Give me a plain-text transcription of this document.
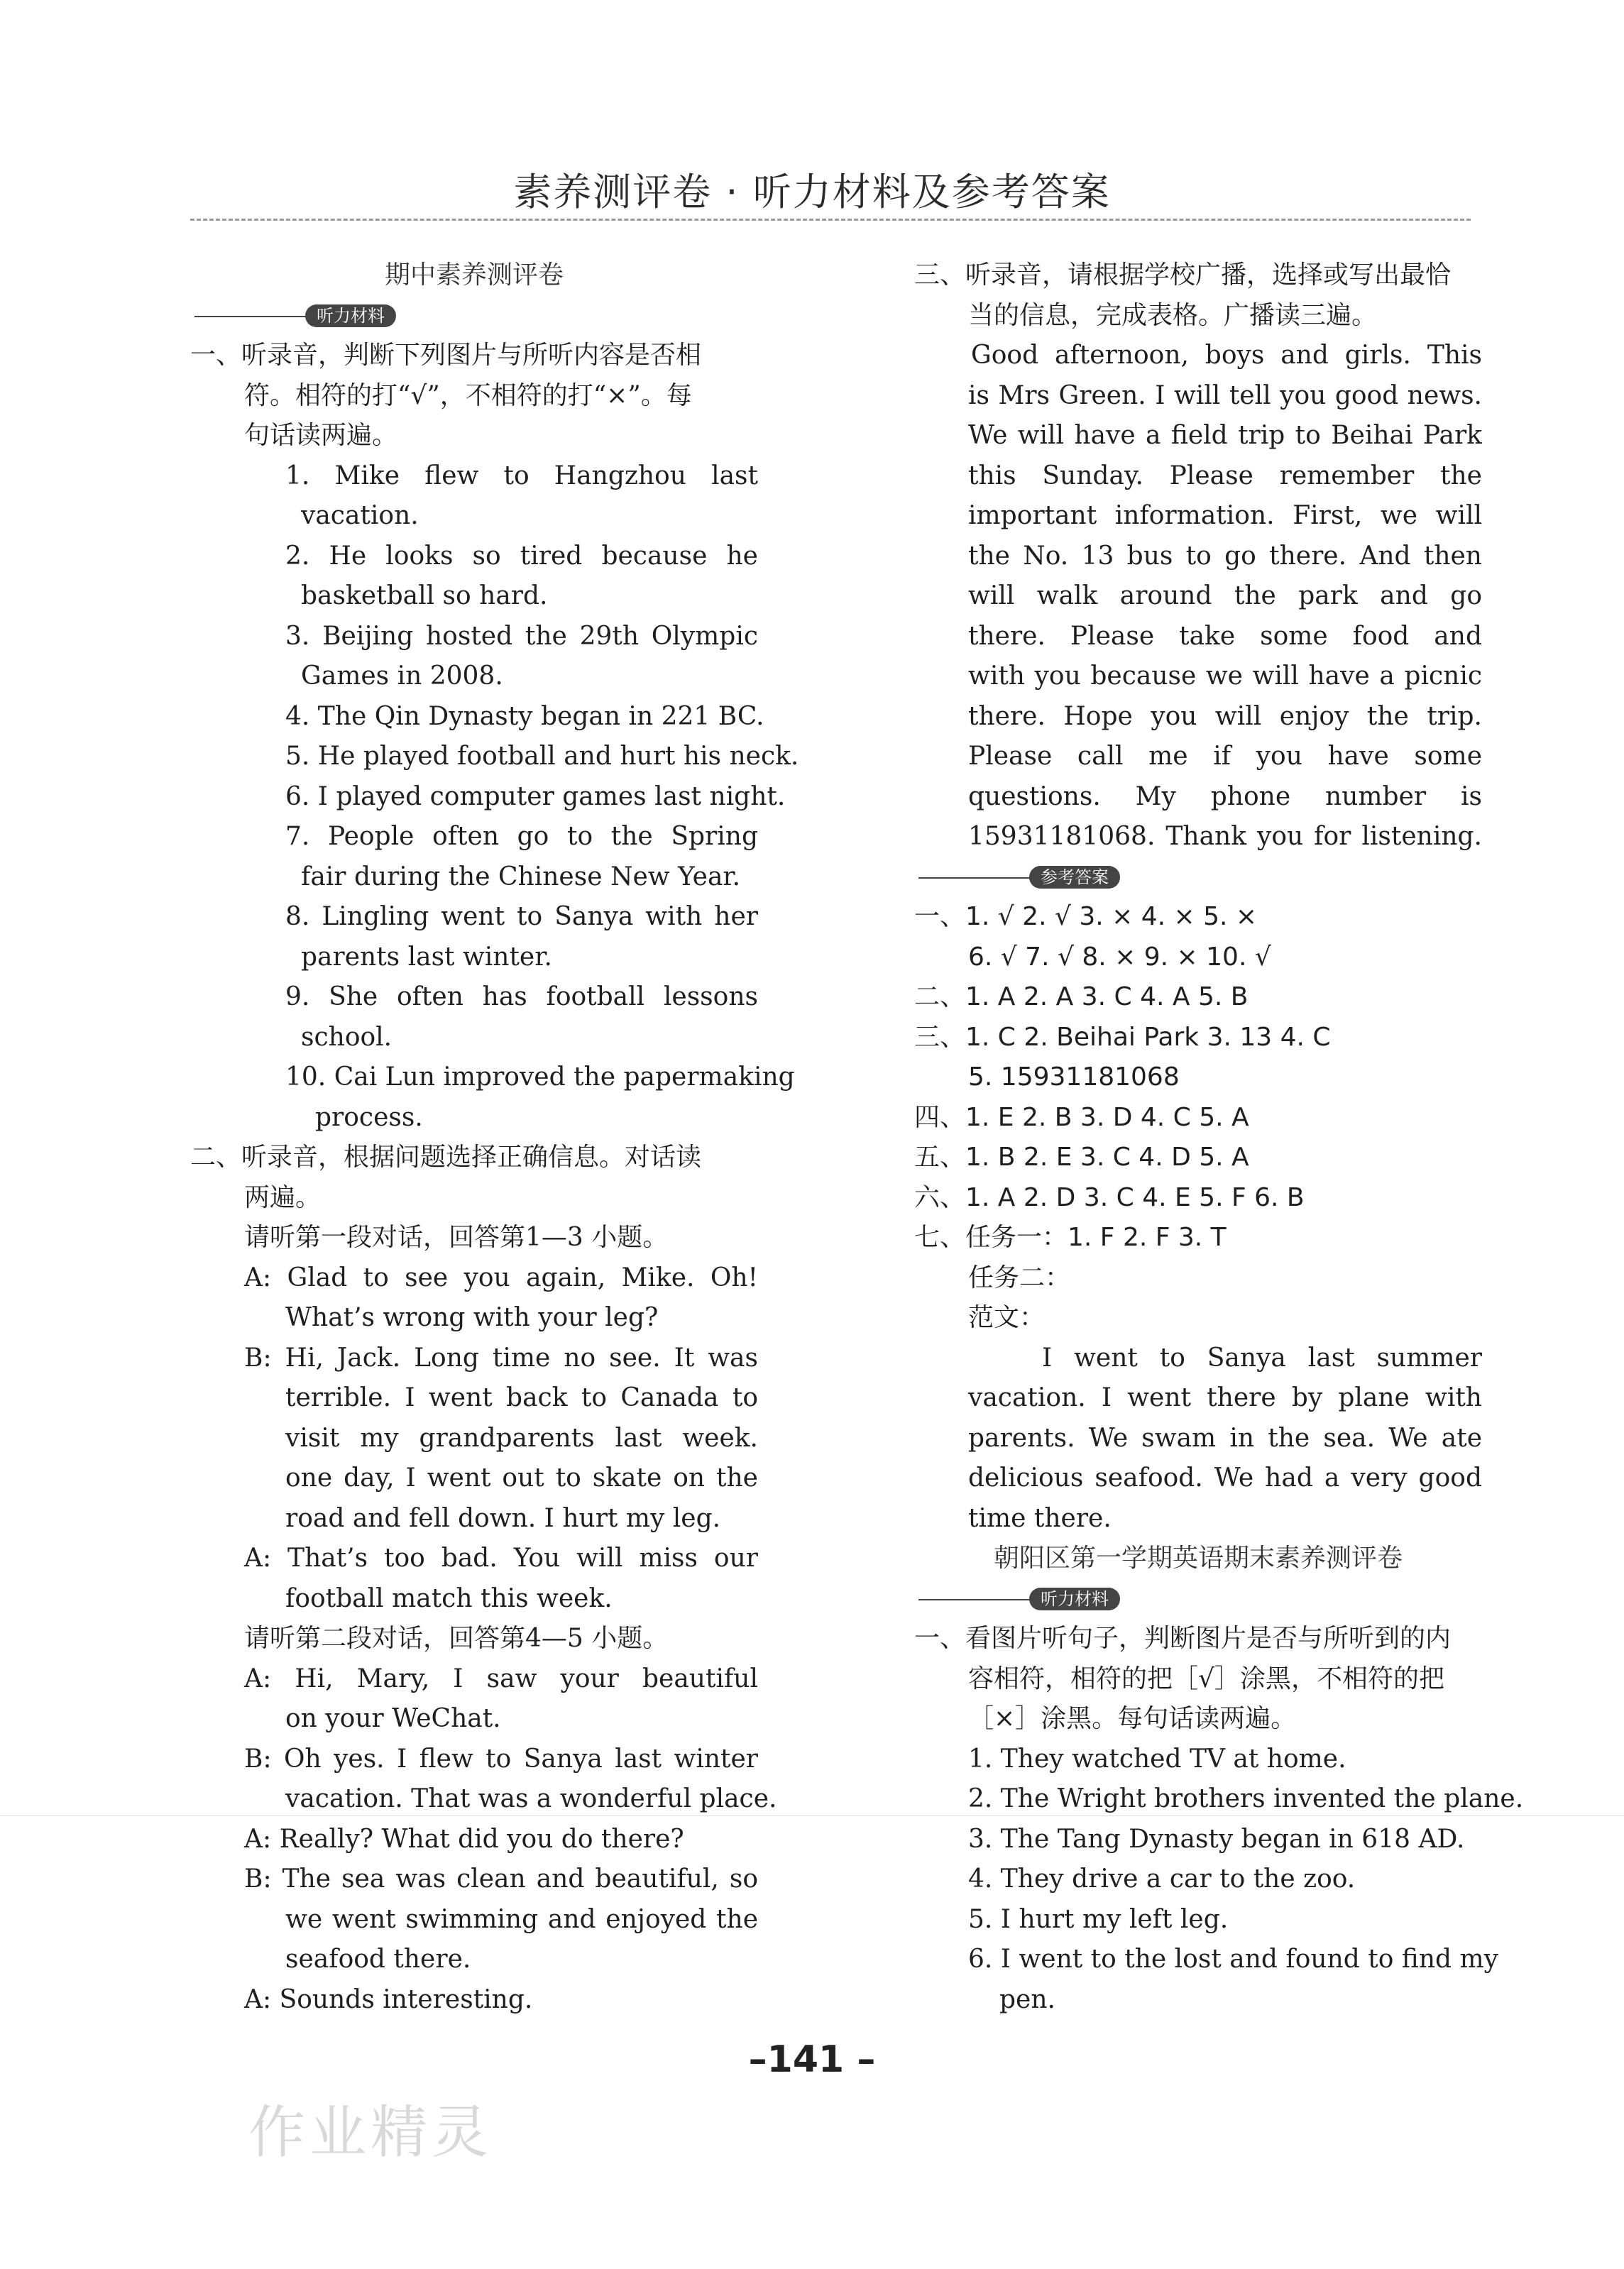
素养测评卷 · 听力材料及参考答案
期中素养测评卷
听力材料
一、听录音，判断下列图片与所听内容是否相
符。相符的打“√”，不相符的打“×”。每
句话读两遍。
1. Mike flew to Hangzhou last
vacation.
2. He looks so tired because he
basketball so hard.
3. Beijing hosted the 29th Olympic
Games in 2008.
4. The Qin Dynasty began in 221 BC.
5. He played football and hurt his neck.
6. I played computer games last night.
7. People often go to the Spring
fair during the Chinese New Year.
8. Lingling went to Sanya with her
parents last winter.
9. She often has football lessons
school.
10. Cai Lun improved the papermaking
process.
二、听录音，根据问题选择正确信息。对话读
两遍。
请听第一段对话，回答第1—3 小题。
A: Glad to see you again, Mike. Oh!
What’s wrong with your leg?
B: Hi, Jack. Long time no see. It was
terrible. I went back to Canada to
visit my grandparents last week.
one day, I went out to skate on the
road and fell down. I hurt my leg.
A: That’s too bad. You will miss our
football match this week.
请听第二段对话，回答第4—5 小题。
A: Hi, Mary, I saw your beautiful
on your WeChat.
B: Oh yes. I flew to Sanya last winter
vacation. That was a wonderful place.
A: Really? What did you do there?
B: The sea was clean and beautiful, so
we went swimming and enjoyed the
seafood there.
A: Sounds interesting.
三、听录音，请根据学校广播，选择或写出最恰
当的信息，完成表格。广播读三遍。
Good afternoon, boys and girls. This
is Mrs Green. I will tell you good news.
We will have a field trip to Beihai Park
this Sunday. Please remember the
important information. First, we will
the No. 13 bus to go there. And then
will walk around the park and go
there. Please take some food and
with you because we will have a picnic
there. Hope you will enjoy the trip.
Please call me if you have some
questions. My phone number is
15931181068. Thank you for listening.
参考答案
一、1. √ 2. √ 3. × 4. × 5. ×
6. √ 7. √ 8. × 9. × 10. √
二、1. A 2. A 3. C 4. A 5. B
三、1. C 2. Beihai Park 3. 13 4. C
5. 15931181068
四、1. E 2. B 3. D 4. C 5. A
五、1. B 2. E 3. C 4. D 5. A
六、1. A 2. D 3. C 4. E 5. F 6. B
七、任务一：1. F 2. F 3. T
任务二：
范文：
I went to Sanya last summer
vacation. I went there by plane with
parents. We swam in the sea. We ate
delicious seafood. We had a very good
time there.
朝阳区第一学期英语期末素养测评卷
听力材料
一、看图片听句子，判断图片是否与所听到的内
容相符，相符的把［√］涂黑，不相符的把
［×］涂黑。每句话读两遍。
1. They watched TV at home.
2. The Wright brothers invented the plane.
3. The Tang Dynasty began in 618 AD.
4. They drive a car to the zoo.
5. I hurt my left leg.
6. I went to the lost and found to find my
pen.
–141 –
作业精灵
